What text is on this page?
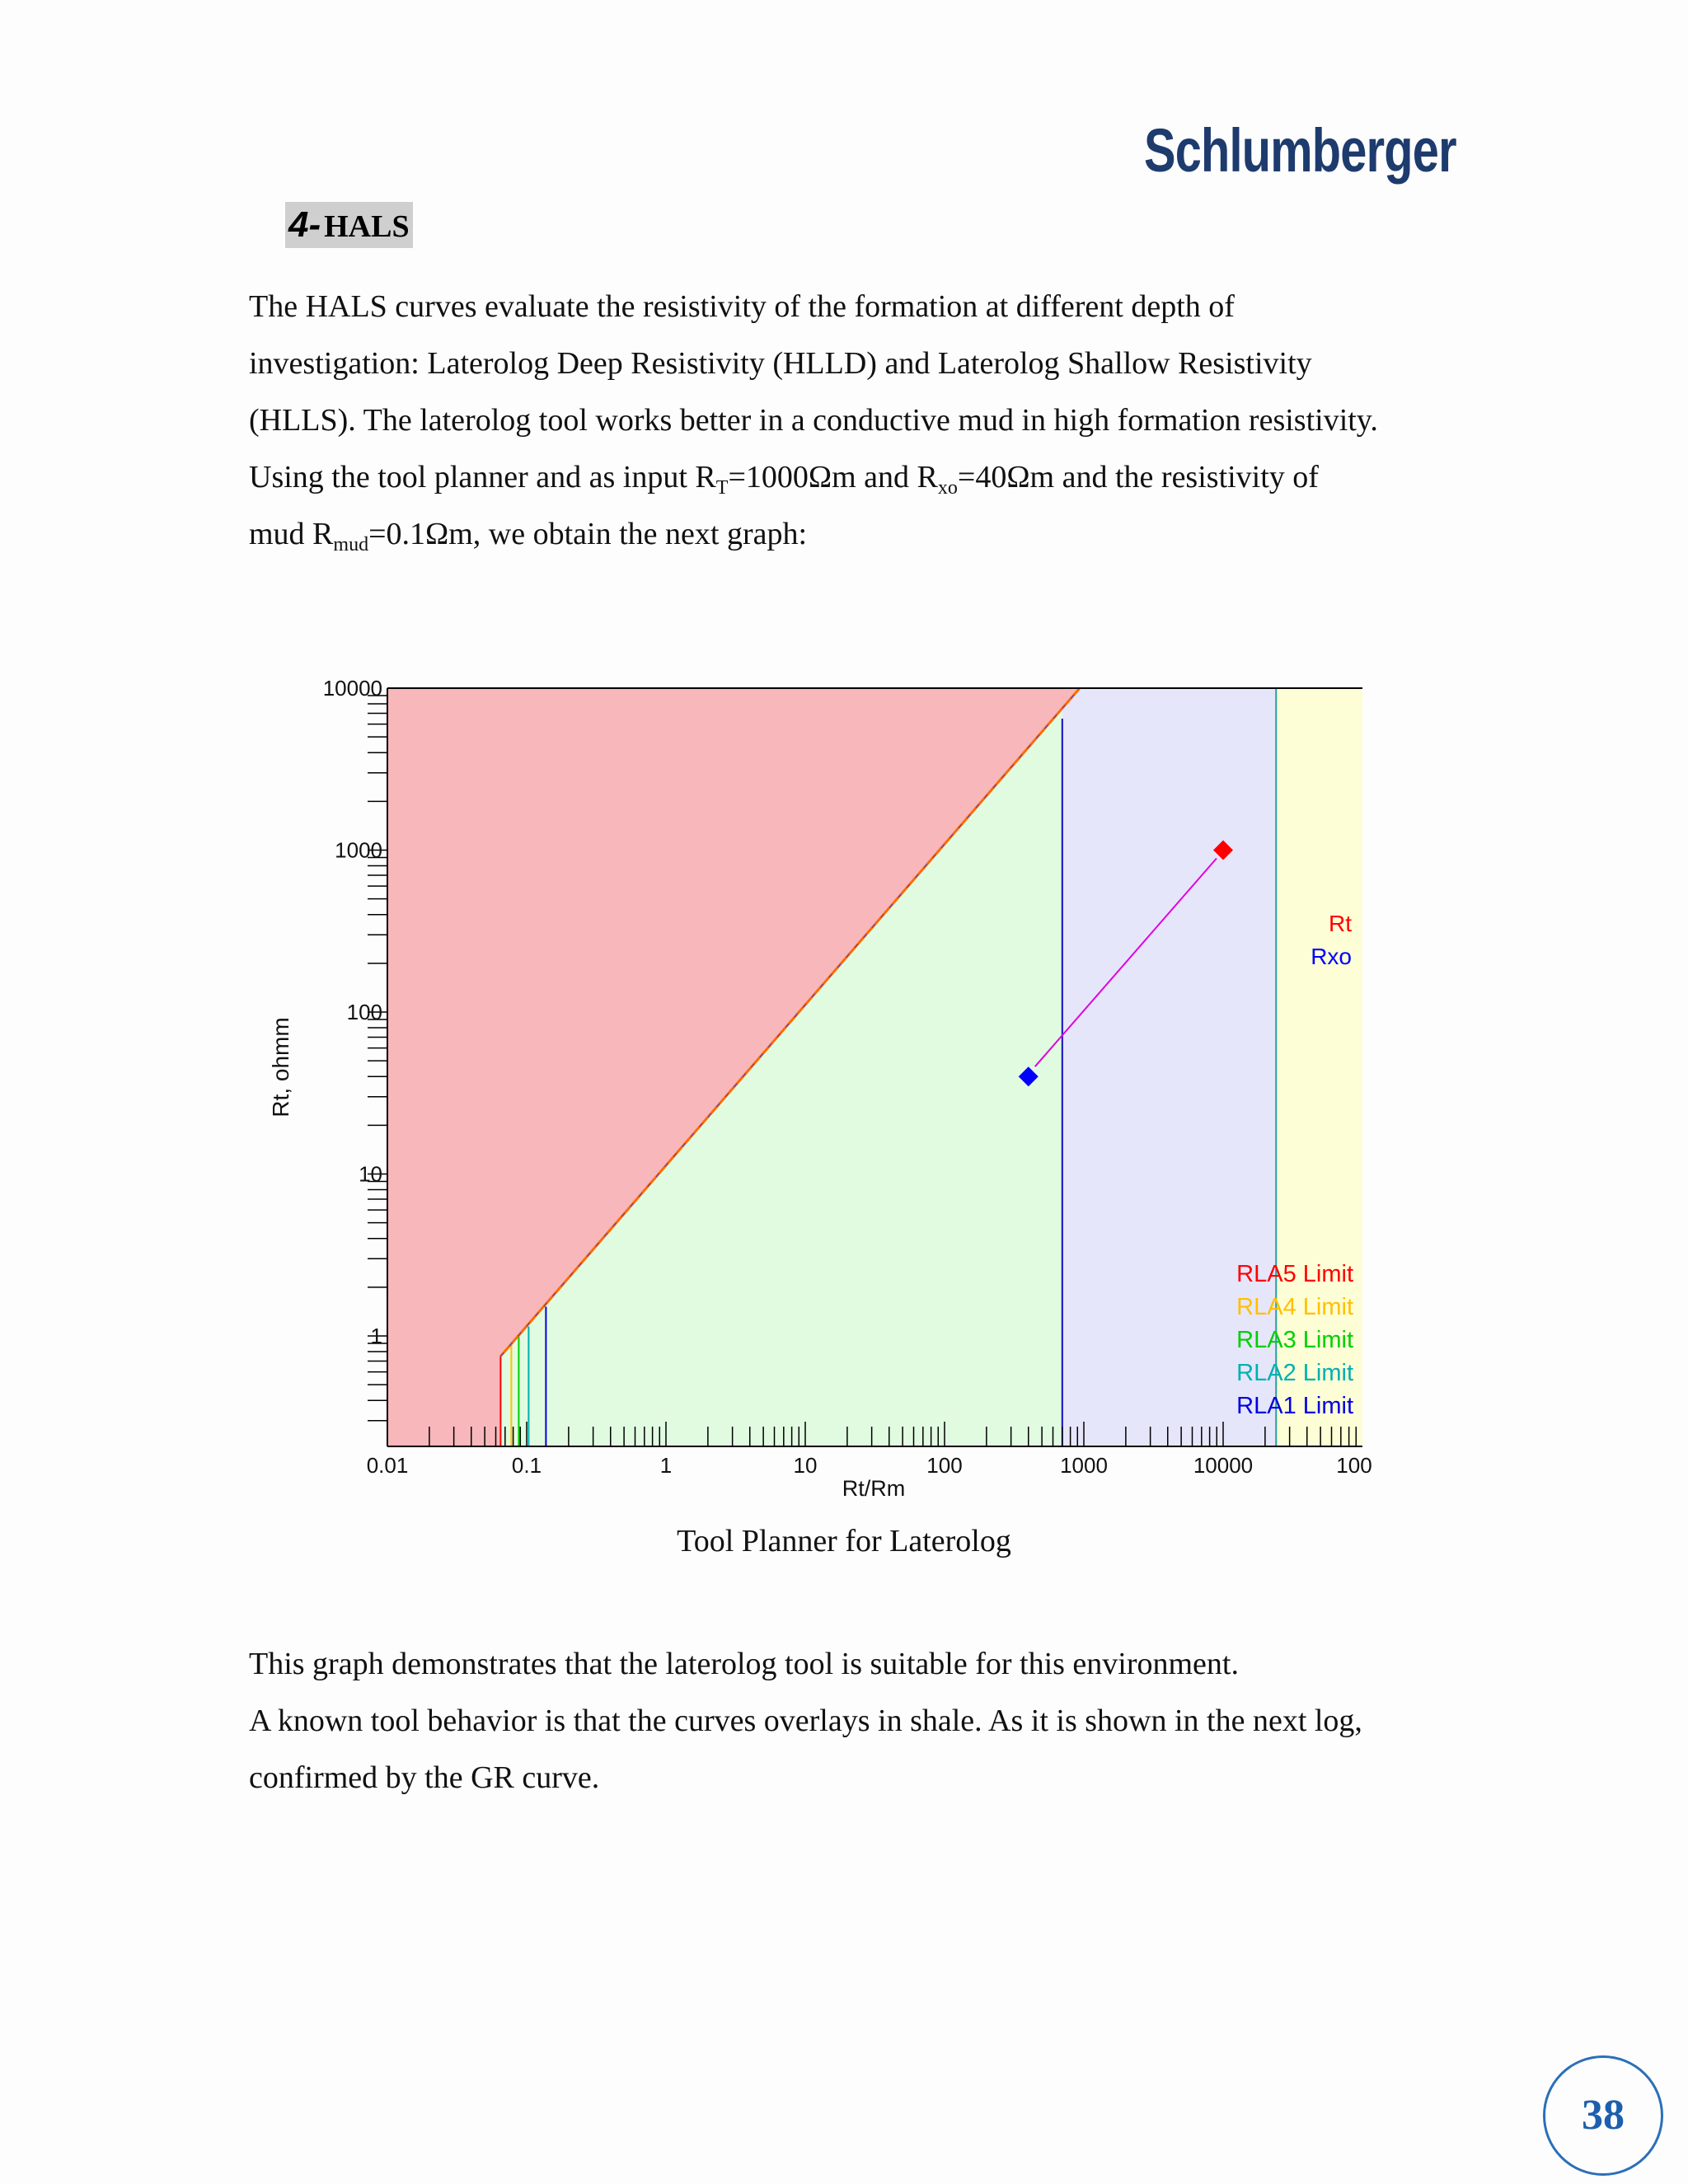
Schlumberger
4- HALS
The HALS curves evaluate the resistivity of the formation at different depth of
investigation: Laterolog Deep Resistivity (HLLD) and Laterolog Shallow Resistivity
(HLLS). The laterolog tool works better in a conductive mud in high formation resistivity.
Using the tool planner and as input $R_T=1000\Omega m$ and $R_{xo}=40\Omega m$ and the resistivity of
mud $R_{mud}=0.1\Omega m$, we obtain the next graph:
10000
1000
100
10
1
Rt, ohmm
0.01	0.1	1	10	100	1000	10000	100
Rt/Rm
Rt
Rxo
RLA5 Limit
RLA4 Limit
RLA3 Limit
RLA2 Limit
RLA1 Limit
Tool Planner for Laterolog
This graph demonstrates that the laterolog tool is suitable for this environment.
A known tool behavior is that the curves overlays in shale. As it is shown in the next log,
confirmed by the GR curve.
38
